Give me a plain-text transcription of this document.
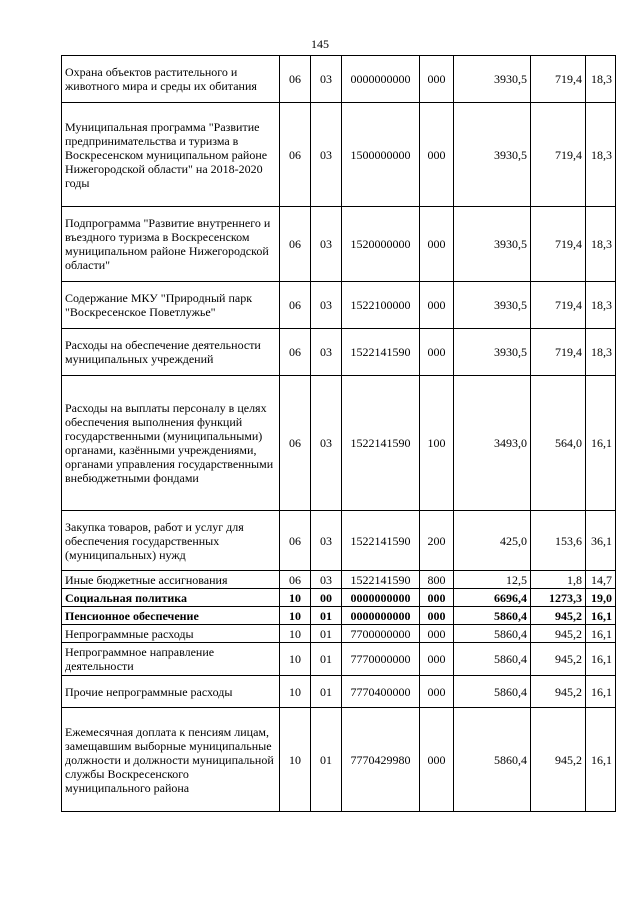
145
Охрана объектов растительного и животного мира и среды их обитания	06	03	0000000000	000	3930,5	719,4	18,3
Муниципальная программа "Развитие предпринимательства и туризма в Воскресенском муниципальном районе Нижегородской области" на 2018-2020 годы	06	03	1500000000	000	3930,5	719,4	18,3
Подпрограмма "Развитие внутреннего и въездного туризма в Воскресенском муниципальном районе Нижегородской области"	06	03	1520000000	000	3930,5	719,4	18,3
Содержание МКУ "Природный парк "Воскресенское Поветлужье"	06	03	1522100000	000	3930,5	719,4	18,3
Расходы на обеспечение деятельности муниципальных учреждений	06	03	1522141590	000	3930,5	719,4	18,3
Расходы на выплаты персоналу в целях обеспечения выполнения функций государственными (муниципальными) органами, казёнными учреждениями, органами управления государственными внебюджетными фондами	06	03	1522141590	100	3493,0	564,0	16,1
Закупка товаров, работ и услуг для обеспечения государственных (муниципальных) нужд	06	03	1522141590	200	425,0	153,6	36,1
Иные бюджетные ассигнования	06	03	1522141590	800	12,5	1,8	14,7
Социальная политика	10	00	0000000000	000	6696,4	1273,3	19,0
Пенсионное обеспечение	10	01	0000000000	000	5860,4	945,2	16,1
Непрограммные расходы	10	01	7700000000	000	5860,4	945,2	16,1
Непрограммное направление деятельности	10	01	7770000000	000	5860,4	945,2	16,1
Прочие непрограммные расходы	10	01	7770400000	000	5860,4	945,2	16,1
Ежемесячная доплата к пенсиям лицам, замещавшим выборные муниципальные должности и должности муниципальной службы Воскресенского муниципального района	10	01	7770429980	000	5860,4	945,2	16,1
